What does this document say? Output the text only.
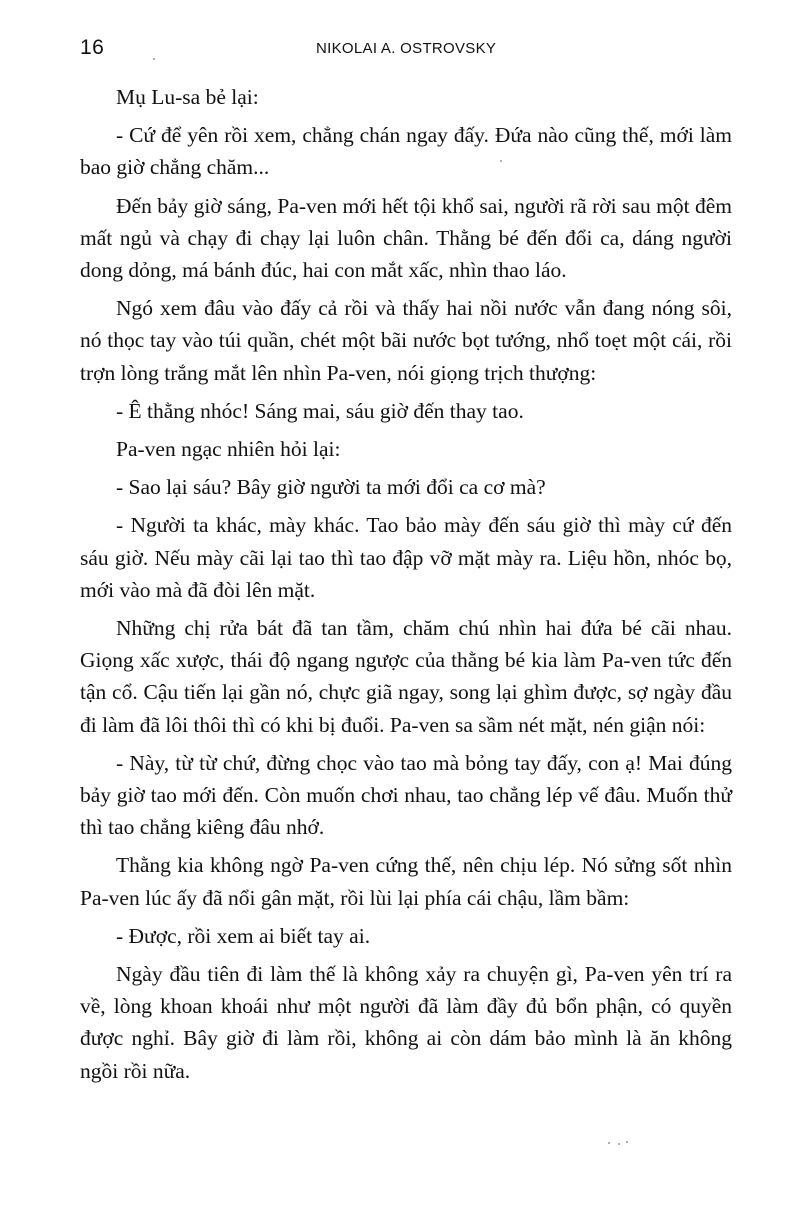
16	NIKOLAI A. OSTROVSKY

Mụ Lu-sa bẻ lại:

- Cứ để yên rồi xem, chẳng chán ngay đấy. Đứa nào cũng thế, mới làm bao giờ chẳng chăm...

Đến bảy giờ sáng, Pa-ven mới hết tội khổ sai, người rã rời sau một đêm mất ngủ và chạy đi chạy lại luôn chân. Thằng bé đến đổi ca, dáng người dong dỏng, má bánh đúc, hai con mắt xấc, nhìn thao láo.

Ngó xem đâu vào đấy cả rồi và thấy hai nồi nước vẫn đang nóng sôi, nó thọc tay vào túi quần, chét một bãi nước bọt tướng, nhổ toẹt một cái, rồi trợn lòng trắng mắt lên nhìn Pa-ven, nói giọng trịch thượng:

- Ê thằng nhóc! Sáng mai, sáu giờ đến thay tao.

Pa-ven ngạc nhiên hỏi lại:

- Sao lại sáu? Bây giờ người ta mới đổi ca cơ mà?

- Người ta khác, mày khác. Tao bảo mày đến sáu giờ thì mày cứ đến sáu giờ. Nếu mày cãi lại tao thì tao đập vỡ mặt mày ra. Liệu hồn, nhóc bọ, mới vào mà đã đòi lên mặt.

Những chị rửa bát đã tan tầm, chăm chú nhìn hai đứa bé cãi nhau. Giọng xấc xược, thái độ ngang ngược của thằng bé kia làm Pa-ven tức đến tận cổ. Cậu tiến lại gần nó, chực giã ngay, song lại ghìm được, sợ ngày đầu đi làm đã lôi thôi thì có khi bị đuổi. Pa-ven sa sầm nét mặt, nén giận nói:

- Này, từ từ chứ, đừng chọc vào tao mà bỏng tay đấy, con ạ! Mai đúng bảy giờ tao mới đến. Còn muốn chơi nhau, tao chẳng lép vế đâu. Muốn thử thì tao chẳng kiêng đâu nhớ.

Thằng kia không ngờ Pa-ven cứng thế, nên chịu lép. Nó sửng sốt nhìn Pa-ven lúc ấy đã nổi gân mặt, rồi lùi lại phía cái chậu, lầm bầm:

- Được, rồi xem ai biết tay ai.

Ngày đầu tiên đi làm thế là không xảy ra chuyện gì, Pa-ven yên trí ra về, lòng khoan khoái như một người đã làm đầy đủ bổn phận, có quyền được nghỉ. Bây giờ đi làm rồi, không ai còn dám bảo mình là ăn không ngồi rồi nữa.
